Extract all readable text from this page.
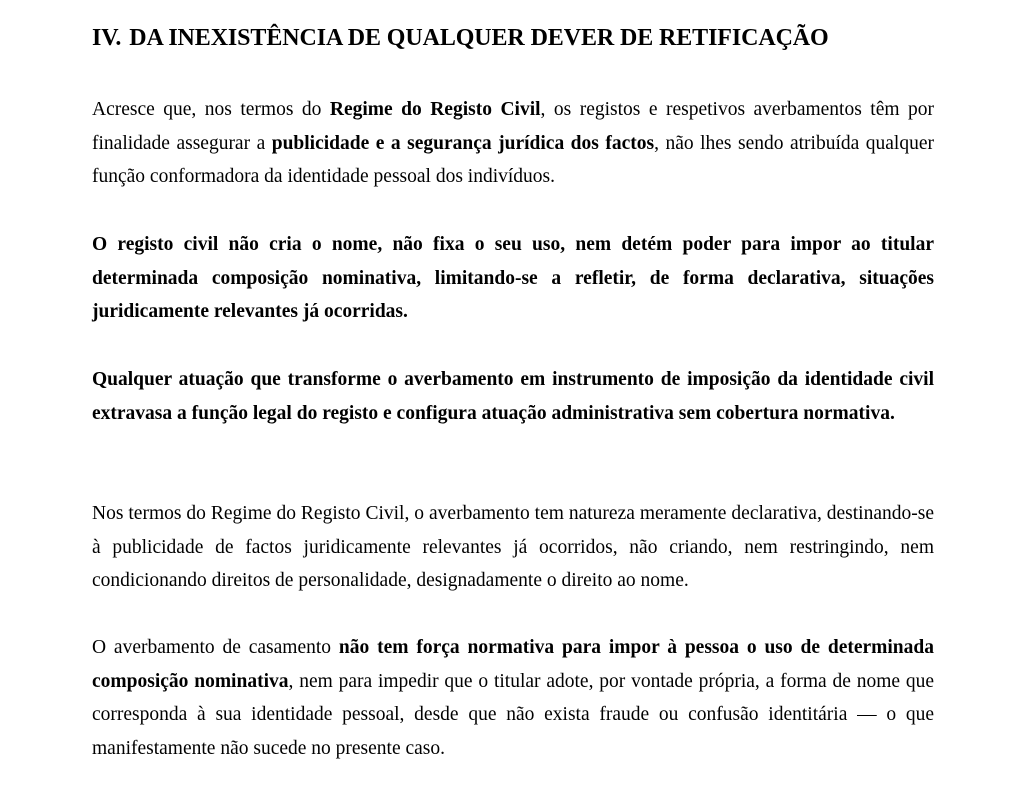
IV. DA INEXISTÊNCIA DE QUALQUER DEVER DE RETIFICAÇÃO

Acresce que, nos termos do Regime do Registo Civil, os registos e respetivos averbamentos têm por finalidade assegurar a publicidade e a segurança jurídica dos factos, não lhes sendo atribuída qualquer função conformadora da identidade pessoal dos indivíduos.

O registo civil não cria o nome, não fixa o seu uso, nem detém poder para impor ao titular determinada composição nominativa, limitando-se a refletir, de forma declarativa, situações juridicamente relevantes já ocorridas.

Qualquer atuação que transforme o averbamento em instrumento de imposição da identidade civil extravasa a função legal do registo e configura atuação administrativa sem cobertura normativa.

Nos termos do Regime do Registo Civil, o averbamento tem natureza meramente declarativa, destinando-se à publicidade de factos juridicamente relevantes já ocorridos, não criando, nem restringindo, nem condicionando direitos de personalidade, designadamente o direito ao nome.

O averbamento de casamento não tem força normativa para impor à pessoa o uso de determinada composição nominativa, nem para impedir que o titular adote, por vontade própria, a forma de nome que corresponda à sua identidade pessoal, desde que não exista fraude ou confusão identitária — o que manifestamente não sucede no presente caso.
